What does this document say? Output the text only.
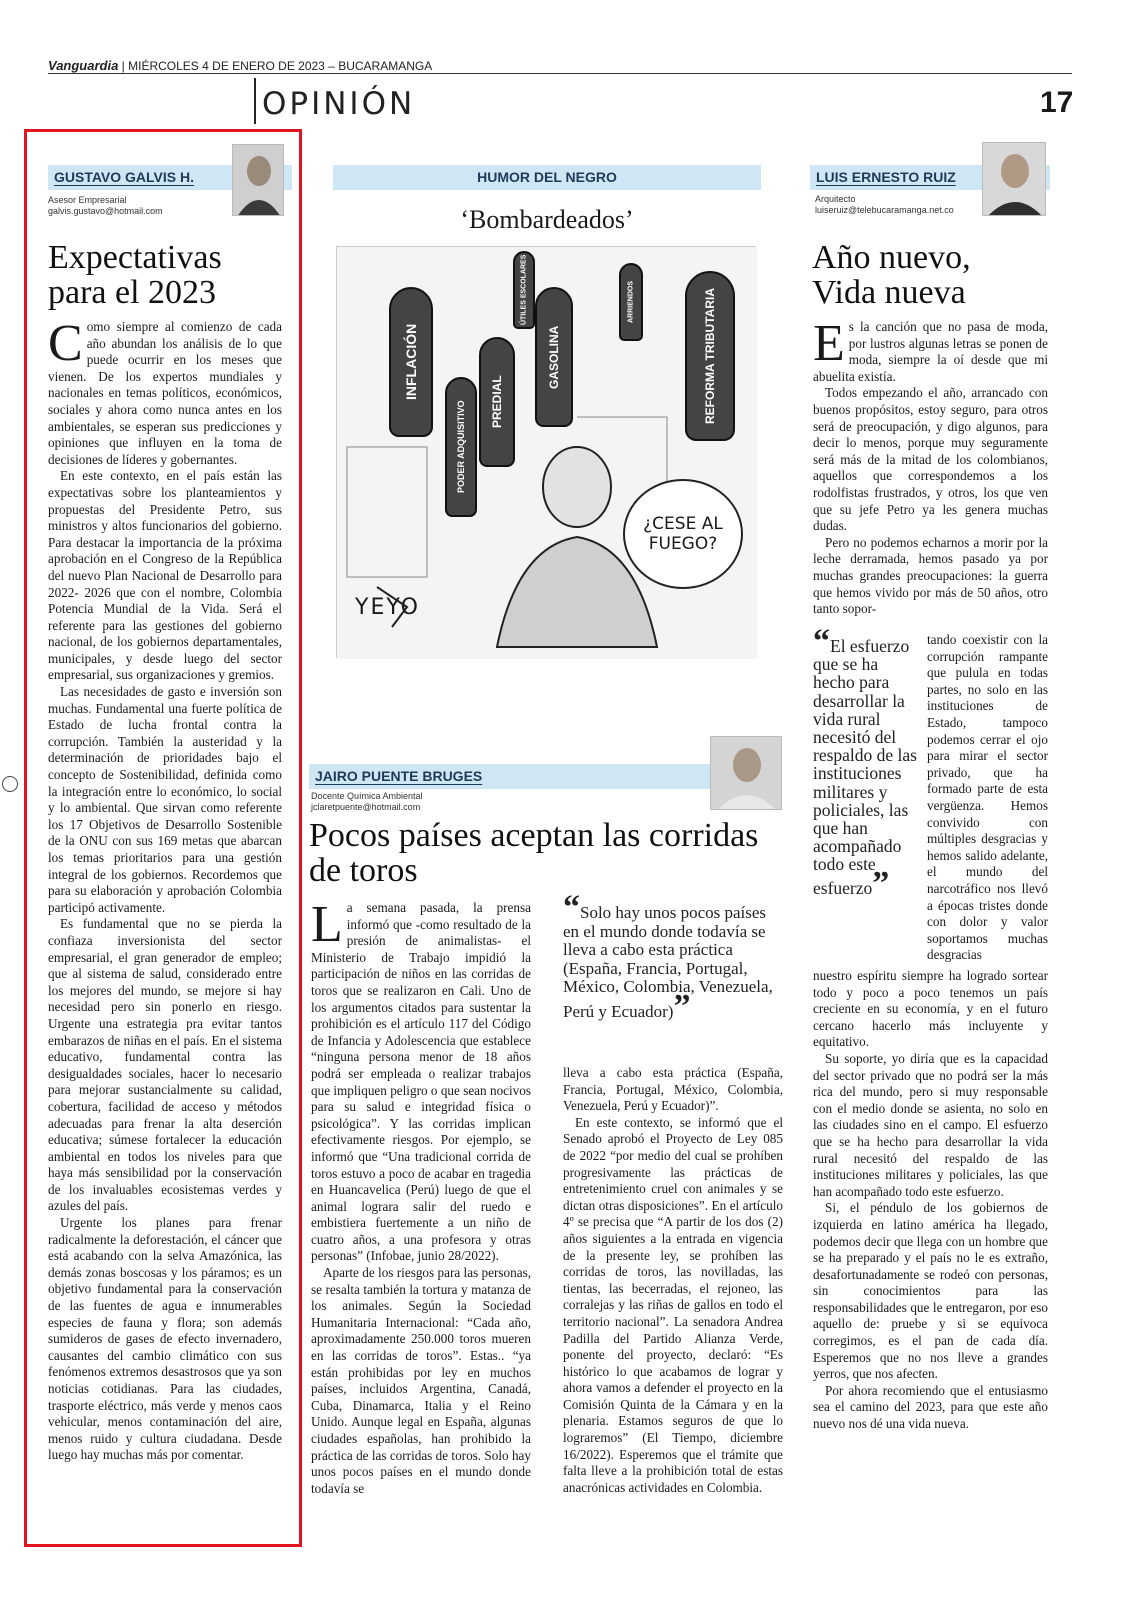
Vanguardia | MIÉRCOLES 4 DE ENERO DE 2023 – BUCARAMANGA
OPINIÓN	17
GUSTAVO GALVIS H.
Asesor Empresarial
galvis.gustavo@hotmail.com
Expectativas
para el 2023

Como siempre al comienzo de cada año abundan los análisis de lo que puede ocurrir en los meses que vienen. De los expertos mundiales y nacionales en temas políticos, económicos, sociales y ahora como nunca antes en los ambientales, se esperan sus predicciones y opiniones que influyen en la toma de decisiones de líderes y gobernantes.

En este contexto, en el país están las expectativas sobre los planteamientos y propuestas del Presidente Petro, sus ministros y altos funcionarios del gobierno. Para destacar la importancia de la próxima aprobación en el Congreso de la República del nuevo Plan Nacional de Desarrollo para 2022- 2026 que con el nombre, Colombia Potencia Mundial de la Vida. Será el referente para las gestiones del gobierno nacional, de los gobiernos departamentales, municipales, y desde luego del sector empresarial, sus organizaciones y gremios.

Las necesidades de gasto e inversión son muchas. Fundamental una fuerte política de Estado de lucha frontal contra la corrupción. También la austeridad y la determinación de prioridades bajo el concepto de Sostenibilidad, definida como la integración entre lo económico, lo social y lo ambiental. Que sirvan como referente los 17 Objetivos de Desarrollo Sostenible de la ONU con sus 169 metas que abarcan los temas prioritarios para una gestión integral de los gobiernos. Recordemos que para su elaboración y aprobación Colombia participó activamente.

Es fundamental que no se pierda la confiaza inversionista del sector empresarial, el gran generador de empleo; que al sistema de salud, considerado entre los mejores del mundo, se mejore si hay necesidad pero sin ponerlo en riesgo. Urgente una estrategia pra evitar tantos embarazos de niñas en el país. En el sistema educativo, fundamental contra las desigualdades sociales, hacer lo necesario para mejorar sustancialmente su calidad, cobertura, facilidad de acceso y métodos adecuadas para frenar la alta deserción educativa; súmese fortalecer la educación ambiental en todos los niveles para que haya más sensibilidad por la conservación de los invaluables ecosistemas verdes y azules del país.

Urgente los planes para frenar radicalmente la deforestación, el cáncer que está acabando con la selva Amazónica, las demás zonas boscosas y los páramos; es un objetivo fundamental para la conservación de las fuentes de agua e innumerables especies de fauna y flora; son además sumideros de gases de efecto invernadero, causantes del cambio climático con sus fenómenos extremos desastrosos que ya son noticias cotidianas. Para las ciudades, trasporte eléctrico, más verde y menos caos vehicular, menos contaminación del aire, menos ruido y cultura ciudadana. Desde luego hay muchas más por comentar.

HUMOR DEL NEGRO
‘Bombardeados’
INFLACIÓN
PODER ADQUISITIVO	PREDIAL
ÚTILES ESCOLARES
GASOLINA
ARRIENDOS	REFORMA TRIBUTARIA
¿CESE AL FUEGO?
YEYO
JAIRO PUENTE BRUGES
Docente Química Ambiental
jclaretpuente@hotmail.com
Pocos países aceptan las corridas
de toros

La semana pasada, la prensa informó que -como resultado de la presión de animalistas- el Ministerio de Trabajo impidió la participación de niños en las corridas de toros que se realizaron en Cali. Uno de los argumentos citados para sustentar la prohibición es el artículo 117 del Código de Infancia y Adolescencia que establece “ninguna persona menor de 18 años podrá ser empleada o realizar trabajos que impliquen peligro o que sean nocivos para su salud e integridad física o psicológica”. Y las corridas implican efectivamente riesgos. Por ejemplo, se informó que “Una tradicional corrida de toros estuvo a poco de acabar en tragedia en Huancavelica (Perú) luego de que el animal lograra salir del ruedo e embistiera fuertemente a un niño de cuatro años, a una profesora y otras personas” (Infobae, junio 28/2022).

Aparte de los riesgos para las personas, se resalta también la tortura y matanza de los animales. Según la Sociedad Humanitaria Internacional: “Cada año, aproximadamente 250.000 toros mueren en las corridas de toros”. Estas.. “ya están prohibidas por ley en muchos países, incluidos Argentina, Canadá, Cuba, Dinamarca, Italia y el Reino Unido. Aunque legal en España, algunas ciudades españolas, han prohibido la práctica de las corridas de toros. Solo hay unos pocos países en el mundo donde todavía se

“Solo hay unos pocos países en el mundo donde todavía se lleva a cabo esta práctica (España, Francia, Portugal, México, Colombia, Venezuela, Perú y Ecuador)”

lleva a cabo esta práctica (España, Francia, Portugal, México, Colombia, Venezuela, Perú y Ecuador)”.

En este contexto, se informó que el Senado aprobó el Proyecto de Ley 085 de 2022 “por medio del cual se prohíben progresivamente las prácticas de entretenimiento cruel con animales y se dictan otras disposiciones”. En el artículo 4º se precisa que “A partir de los dos (2) años siguientes a la entrada en vigencia de la presente ley, se prohíben las corridas de toros, las novilladas, las tientas, las becerradas, el rejoneo, las corralejas y las riñas de gallos en todo el territorio nacional”. La senadora Andrea Padilla del Partido Alianza Verde, ponente del proyecto, declaró: “Es histórico lo que acabamos de lograr y ahora vamos a defender el proyecto en la Comisión Quinta de la Cámara y en la plenaria. Estamos seguros de que lo lograremos” (El Tiempo, diciembre 16/2022). Esperemos que el trámite que falta lleve a la prohibición total de estas anacrónicas actividades en Colombia.

LUIS ERNESTO RUIZ
Arquitecto
luiseruiz@telebucaramanga.net.co
Año nuevo,
Vida nueva

Es la canción que no pasa de moda, por lustros algunas letras se ponen de moda, siempre la oí desde que mi abuelita existía.

Todos empezando el año, arrancado con buenos propósitos, estoy seguro, para otros será de preocupación, y digo algunos, para decir lo menos, porque muy seguramente será más de la mitad de los colombianos, aquellos que correspondemos a los rodolfistas frustrados, y otros, los que ven que su jefe Petro ya les genera muchas dudas.

Pero no podemos echarnos a morir por la leche derramada, hemos pasado ya por muchas grandes preocupaciones: la guerra que hemos vivido por más de 50 años, otro tanto sopor-

“El esfuerzo que se ha hecho para desarrollar la vida rural necesitó del respaldo de las instituciones militares y policiales, las que han acompañado todo este esfuerzo”

tando coexistir con la corrupción rampante que pulula en todas partes, no solo en las instituciones de Estado, tampoco podemos cerrar el ojo para mirar el sector privado, que ha formado parte de esta vergüenza. Hemos convivido con múltiples desgracias y hemos salido adelante, el mundo del narcotráfico nos llevó a épocas tristes donde con dolor y valor soportamos muchas desgracias

nuestro espíritu siempre ha logrado sortear todo y poco a poco tenemos un país creciente en su economía, y en el futuro cercano hacerlo más incluyente y equitativo.

Su soporte, yo diría que es la capacidad del sector privado que no podrá ser la más rica del mundo, pero si muy responsable con el medio donde se asienta, no solo en las ciudades sino en el campo. El esfuerzo que se ha hecho para desarrollar la vida rural necesitó del respaldo de las instituciones militares y policiales, las que han acompañado todo este esfuerzo.

Si, el péndulo de los gobiernos de izquierda en latino américa ha llegado, podemos decir que llega con un hombre que se ha preparado y el país no le es extraño, desafortunadamente se rodeó con personas, sin conocimientos para las responsabilidades que le entregaron, por eso aquello de: pruebe y si se equivoca corregimos, es el pan de cada día. Esperemos que no nos lleve a grandes yerros, que nos afecten.

Por ahora recomiendo que el entusiasmo sea el camino del 2023, para que este año nuevo nos dé una vida nueva.
